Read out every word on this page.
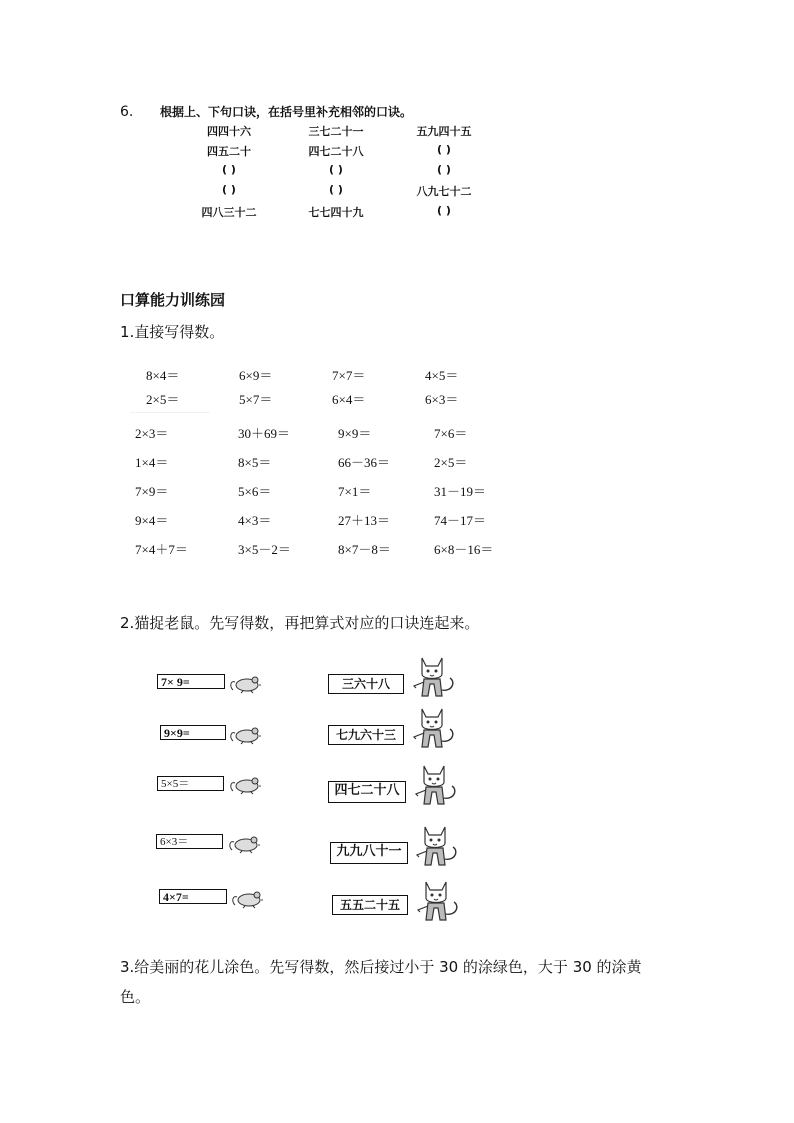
6. 根据上、下句口诀，在括号里补充相邻的口诀。
四四十六	三七二十一	五九四十五
四五二十	四七二十八	( )
( )	( )	( )
( )	( )	八九七十二
四八三十二	七七四十九	( )
口算能力训练园
1.直接写得数。
8×4＝	6×9＝	7×7＝	4×5＝
2×5＝	5×7＝	6×4＝	6×3＝
2×3＝	30＋69＝	9×9＝	7×6＝
1×4＝	8×5＝	66－36＝	2×5＝
7×9＝	5×6＝	7×1＝	31－19＝
9×4＝	4×3＝	27＋13＝	74－17＝
7×4＋7＝	3×5－2＝	8×7－8＝	6×8－16＝
2.猫捉老鼠。先写得数，再把算式对应的口诀连起来。
7× 9=
9×9=
5×5＝
6×3＝
4×7=
三六十八
七九六十三
四七二十八
九九八十一
五五二十五
3.给美丽的花儿涂色。先写得数，然后接过小于 30 的涂绿色，大于 30 的涂黄
色。
